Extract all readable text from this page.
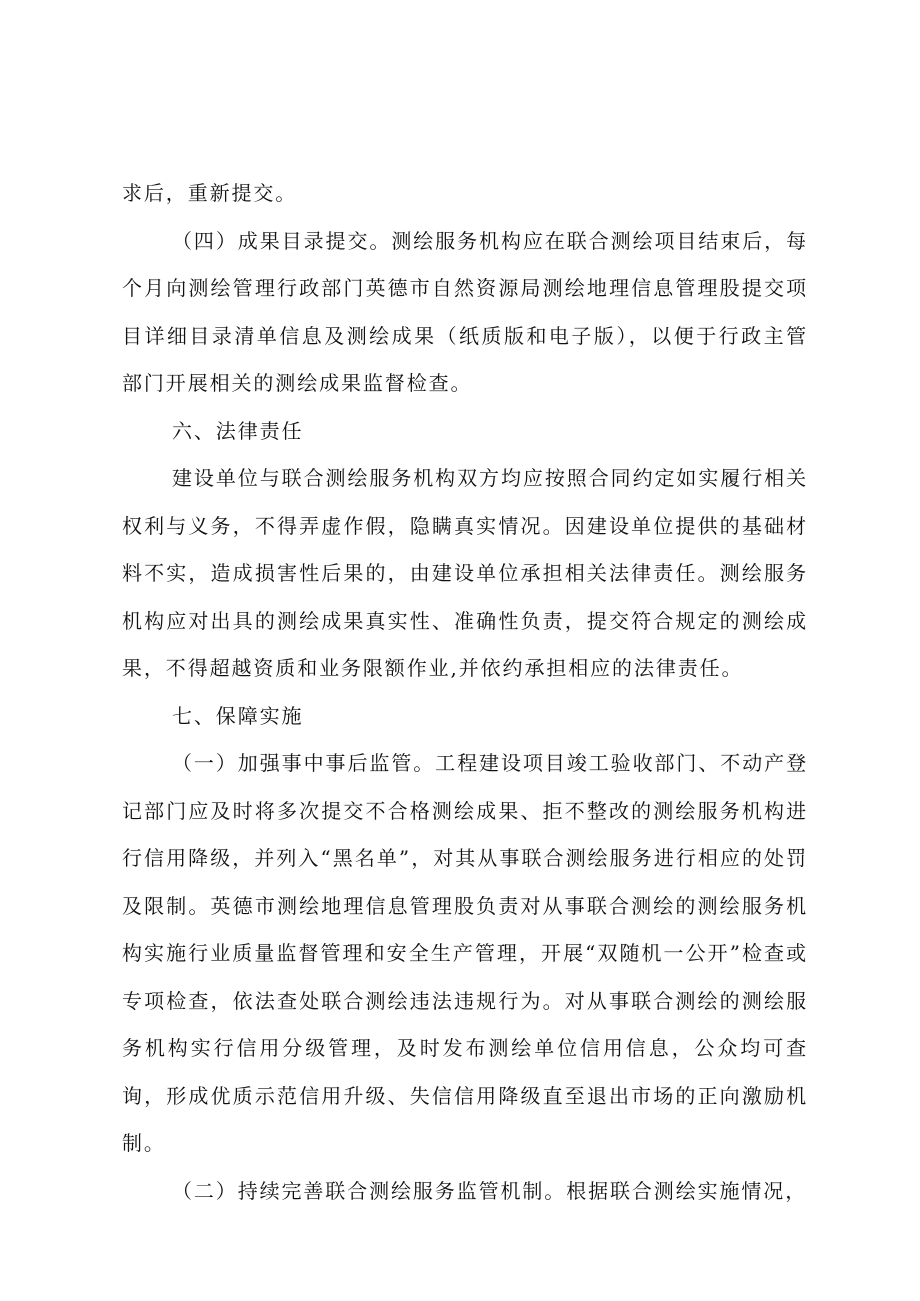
求后，重新提交。

（四）成果目录提交。测绘服务机构应在联合测绘项目结束后，每个月向测绘管理行政部门英德市自然资源局测绘地理信息管理股提交项目详细目录清单信息及测绘成果（纸质版和电子版），以便于行政主管部门开展相关的测绘成果监督检查。

六、法律责任

建设单位与联合测绘服务机构双方均应按照合同约定如实履行相关权利与义务，不得弄虚作假，隐瞒真实情况。因建设单位提供的基础材料不实，造成损害性后果的，由建设单位承担相关法律责任。测绘服务机构应对出具的测绘成果真实性、准确性负责，提交符合规定的测绘成果，不得超越资质和业务限额作业,并依约承担相应的法律责任。

七、保障实施

（一）加强事中事后监管。工程建设项目竣工验收部门、不动产登记部门应及时将多次提交不合格测绘成果、拒不整改的测绘服务机构进行信用降级，并列入“黑名单”，对其从事联合测绘服务进行相应的处罚及限制。英德市测绘地理信息管理股负责对从事联合测绘的测绘服务机构实施行业质量监督管理和安全生产管理，开展“双随机一公开”检查或专项检查，依法查处联合测绘违法违规行为。对从事联合测绘的测绘服务机构实行信用分级管理，及时发布测绘单位信用信息，公众均可查询，形成优质示范信用升级、失信信用降级直至退出市场的正向激励机制。

（二）持续完善联合测绘服务监管机制。根据联合测绘实施情况，
